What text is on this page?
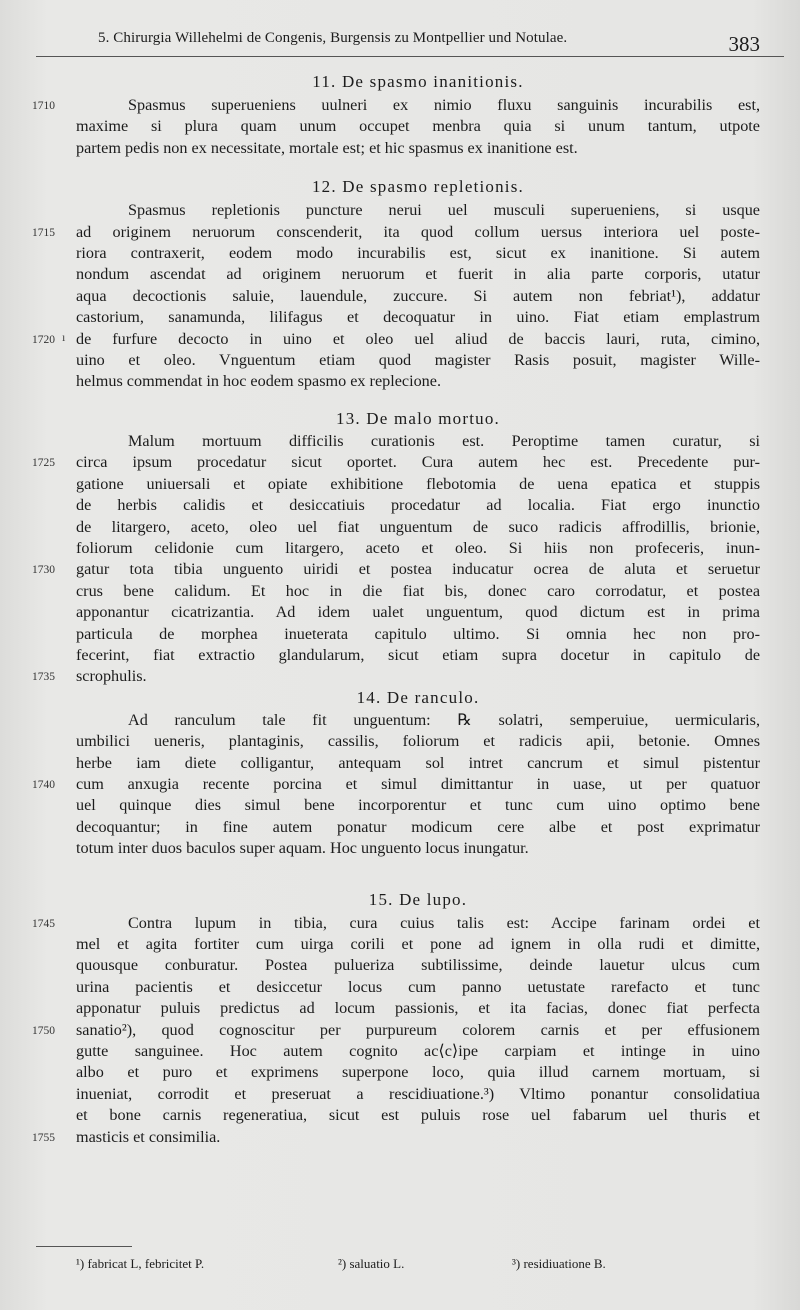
5. Chirurgia Willehelmi de Congenis, Burgensis zu Montpellier und Notulae.	383
11. De spasmo inanitionis.
1710	Spasmus superueniens uulneri ex nimio fluxu sanguinis incurabilis est,
maxime si plura quam unum occupet menbra quia si unum tantum, utpote
partem pedis non ex necessitate, mortale est; et hic spasmus ex inanitione est.
12. De spasmo repletionis.
Spasmus repletionis puncture nerui uel musculi superueniens, si usque
1715	ad originem neruorum conscenderit, ita quod collum uersus interiora uel poste-
riora contraxerit, eodem modo incurabilis est, sicut ex inanitione. Si autem
nondum ascendat ad originem neruorum et fuerit in alia parte corporis, utatur
aqua decoctionis saluie, lauendule, zuccure. Si autem non febriat¹), addatur
castorium, sanamunda, lilifagus et decoquatur in uino. Fiat etiam emplastrum
1720	de furfure decocto in uino et oleo uel aliud de baccis lauri, ruta, cimino,
uino et oleo. Vnguentum etiam quod magister Rasis posuit, magister Wille-
helmus commendat in hoc eodem spasmo ex replecione.
13. De malo mortuo.
Malum mortuum difficilis curationis est. Peroptime tamen curatur, si
1725	circa ipsum procedatur sicut oportet. Cura autem hec est. Precedente pur-
gatione uniuersali et opiate exhibitione flebotomia de uena epatica et stuppis
de herbis calidis et desiccatiuis procedatur ad localia. Fiat ergo inunctio
de litargero, aceto, oleo uel fiat unguentum de suco radicis affrodillis, brionie,
foliorum celidonie cum litargero, aceto et oleo. Si hiis non profeceris, inun-
1730	gatur tota tibia unguento uiridi et postea inducatur ocrea de aluta et seruetur
crus bene calidum. Et hoc in die fiat bis, donec caro corrodatur, et postea
apponantur cicatrizantia. Ad idem ualet unguentum, quod dictum est in prima
particula de morphea inueterata capitulo ultimo. Si omnia hec non pro-
fecerint, fiat extractio glandularum, sicut etiam supra docetur in capitulo de
1735	scrophulis.
14. De ranculo.
Ad ranculum tale fit unguentum: ℞ solatri, semperuiue, uermicularis,
umbilici ueneris, plantaginis, cassilis, foliorum et radicis apii, betonie. Omnes
herbe iam diete colligantur, antequam sol intret cancrum et simul pistentur
1740	cum anxugia recente porcina et simul dimittantur in uase, ut per quatuor
uel quinque dies simul bene incorporentur et tunc cum uino optimo bene
decoquantur; in fine autem ponatur modicum cere albe et post exprimatur
totum inter duos baculos super aquam. Hoc unguento locus inungatur.
15. De lupo.
1745	Contra lupum in tibia, cura cuius talis est: Accipe farinam ordei et
mel et agita fortiter cum uirga corili et pone ad ignem in olla rudi et dimitte,
quousque conburatur. Postea pulueriza subtilissime, deinde lauetur ulcus cum
urina pacientis et desiccetur locus cum panno uetustate rarefacto et tunc
apponatur puluis predictus ad locum passionis, et ita facias, donec fiat perfecta
1750	sanatio²), quod cognoscitur per purpureum colorem carnis et per effusionem
gutte sanguinee. Hoc autem cognito ac⟨c⟩ipe carpiam et intinge in uino
albo et puro et exprimens superpone loco, quia illud carnem mortuam, si
inueniat, corrodit et preseruat a rescidiuatione.³) Vltimo ponantur consolidatiua
et bone carnis regeneratiua, sicut est puluis rose uel fabarum uel thuris et
1755	masticis et consimilia.
ı
¹) fabricat L, febricitet P.	²) saluatio L.	³) residiuatione B.
